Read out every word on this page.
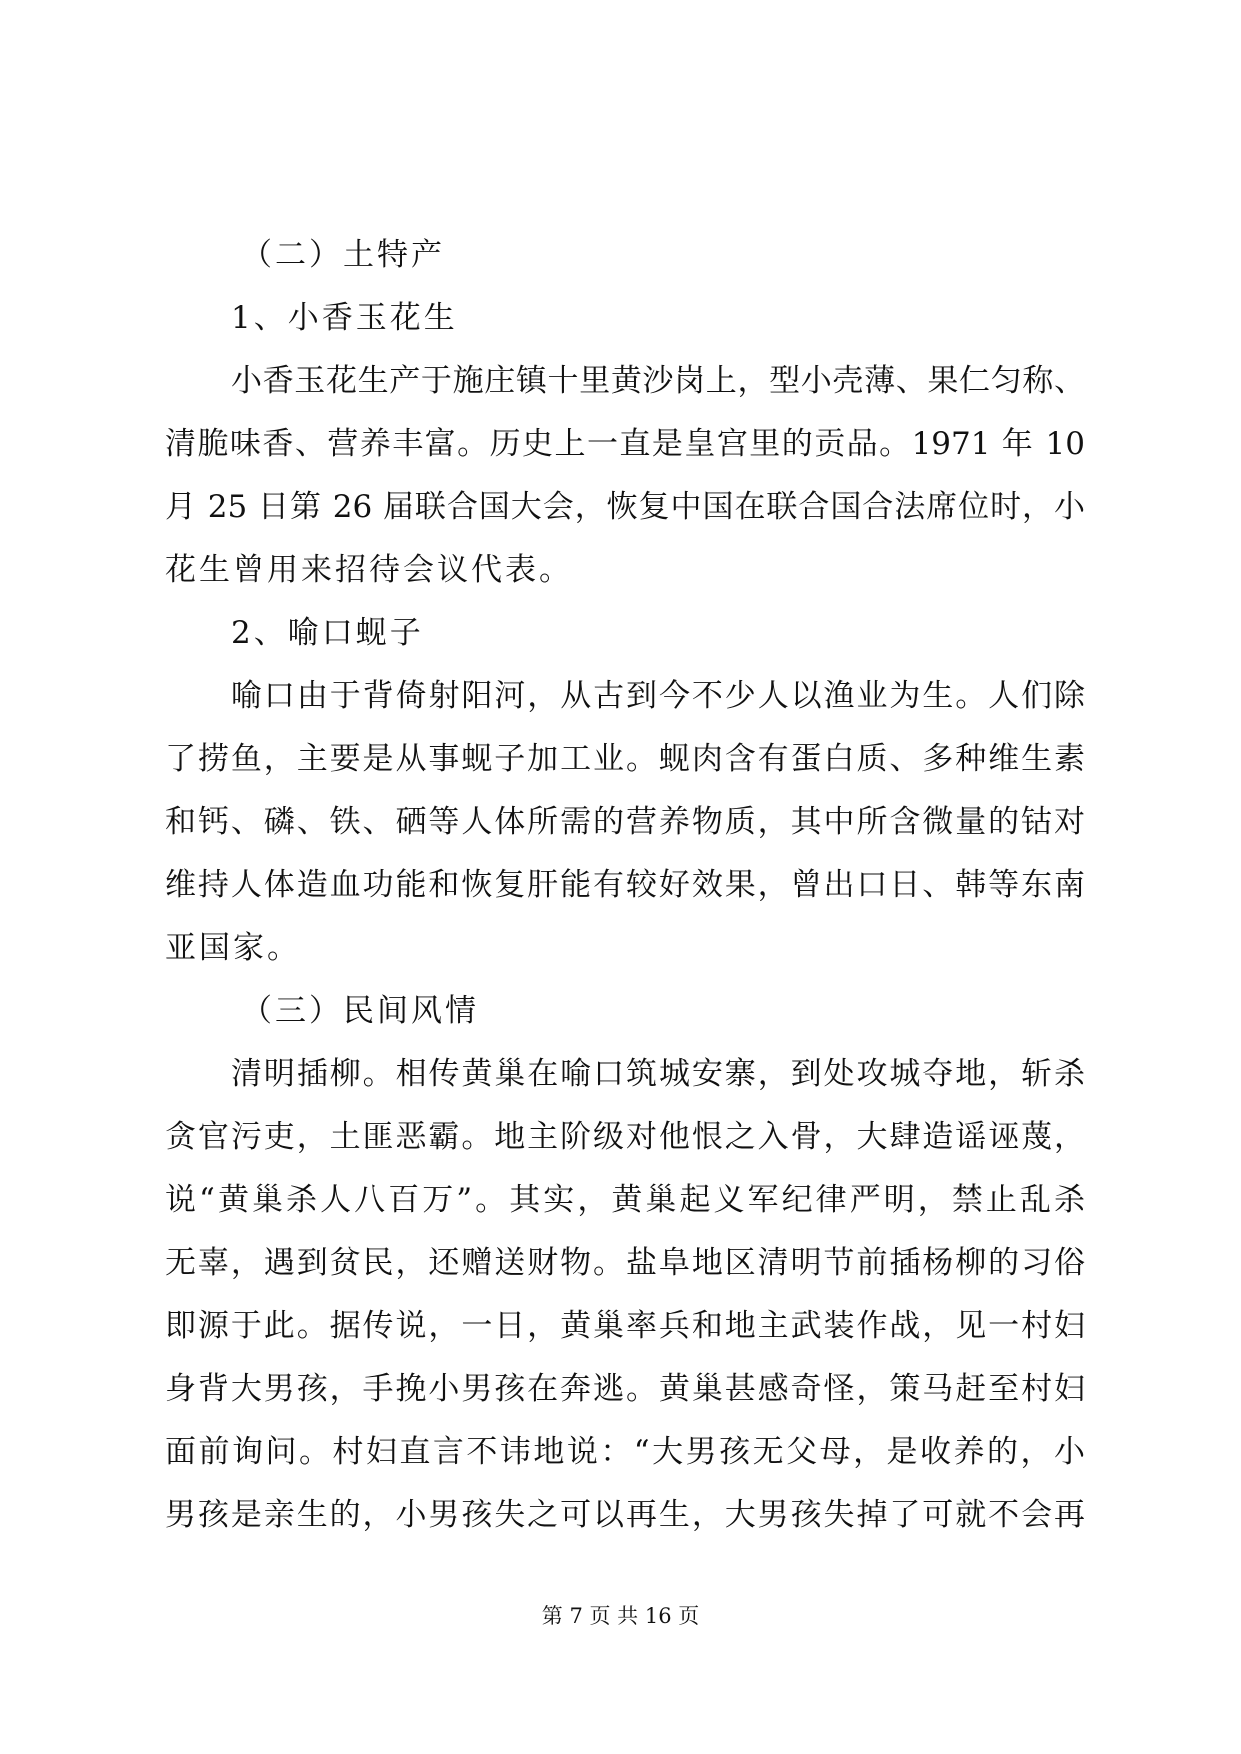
（二）土特产
1、小香玉花生
小香玉花生产于施庄镇十里黄沙岗上，型小壳薄、果仁匀称、
清脆味香、营养丰富。历史上一直是皇宫里的贡品。1971 年 10
月 25 日第 26 届联合国大会，恢复中国在联合国合法席位时，小
花生曾用来招待会议代表。
2、喻口蚬子
喻口由于背倚射阳河，从古到今不少人以渔业为生。人们除
了捞鱼，主要是从事蚬子加工业。蚬肉含有蛋白质、多种维生素
和钙、磷、铁、硒等人体所需的营养物质，其中所含微量的钴对
维持人体造血功能和恢复肝能有较好效果，曾出口日、韩等东南
亚国家。
（三）民间风情
清明插柳。相传黄巢在喻口筑城安寨，到处攻城夺地，斩杀
贪官污吏，土匪恶霸。地主阶级对他恨之入骨，大肆造谣诬蔑，
说“黄巢杀人八百万”。其实，黄巢起义军纪律严明，禁止乱杀
无辜，遇到贫民，还赠送财物。盐阜地区清明节前插杨柳的习俗
即源于此。据传说，一日，黄巢率兵和地主武装作战，见一村妇
身背大男孩，手挽小男孩在奔逃。黄巢甚感奇怪，策马赶至村妇
面前询问。村妇直言不讳地说：“大男孩无父母，是收养的，小
男孩是亲生的，小男孩失之可以再生，大男孩失掉了可就不会再
第 7 页 共 16 页
